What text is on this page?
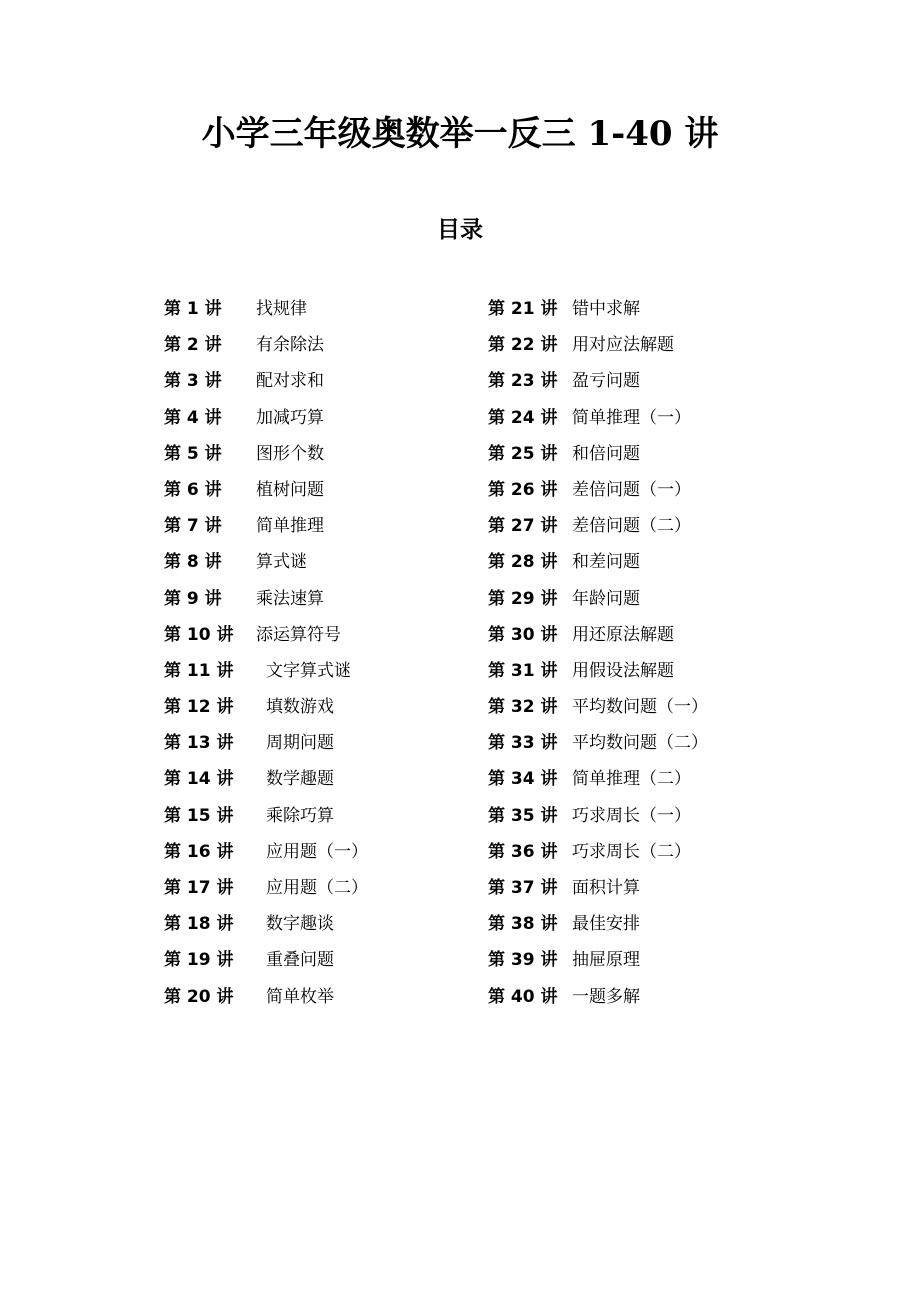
小学三年级奥数举一反三 1-40 讲
目录
第 1 讲	找规律
第 2 讲	有余除法
第 3 讲	配对求和
第 4 讲	加减巧算
第 5 讲	图形个数
第 6 讲	植树问题
第 7 讲	简单推理
第 8 讲	算式谜
第 9 讲	乘法速算
第 10 讲	添运算符号
第 11 讲	文字算式谜
第 12 讲	填数游戏
第 13 讲	周期问题
第 14 讲	数学趣题
第 15 讲	乘除巧算
第 16 讲	应用题（一）
第 17 讲	应用题（二）
第 18 讲	数字趣谈
第 19 讲	重叠问题
第 20 讲	简单枚举
第 21 讲 错中求解
第 22 讲 用对应法解题
第 23 讲 盈亏问题
第 24 讲 简单推理（一）
第 25 讲 和倍问题
第 26 讲 差倍问题（一）
第 27 讲 差倍问题（二）
第 28 讲 和差问题
第 29 讲 年龄问题
第 30 讲 用还原法解题
第 31 讲 用假设法解题
第 32 讲 平均数问题（一）
第 33 讲 平均数问题（二）
第 34 讲 简单推理（二）
第 35 讲 巧求周长（一）
第 36 讲 巧求周长（二）
第 37 讲 面积计算
第 38 讲 最佳安排
第 39 讲 抽屉原理
第 40 讲 一题多解
